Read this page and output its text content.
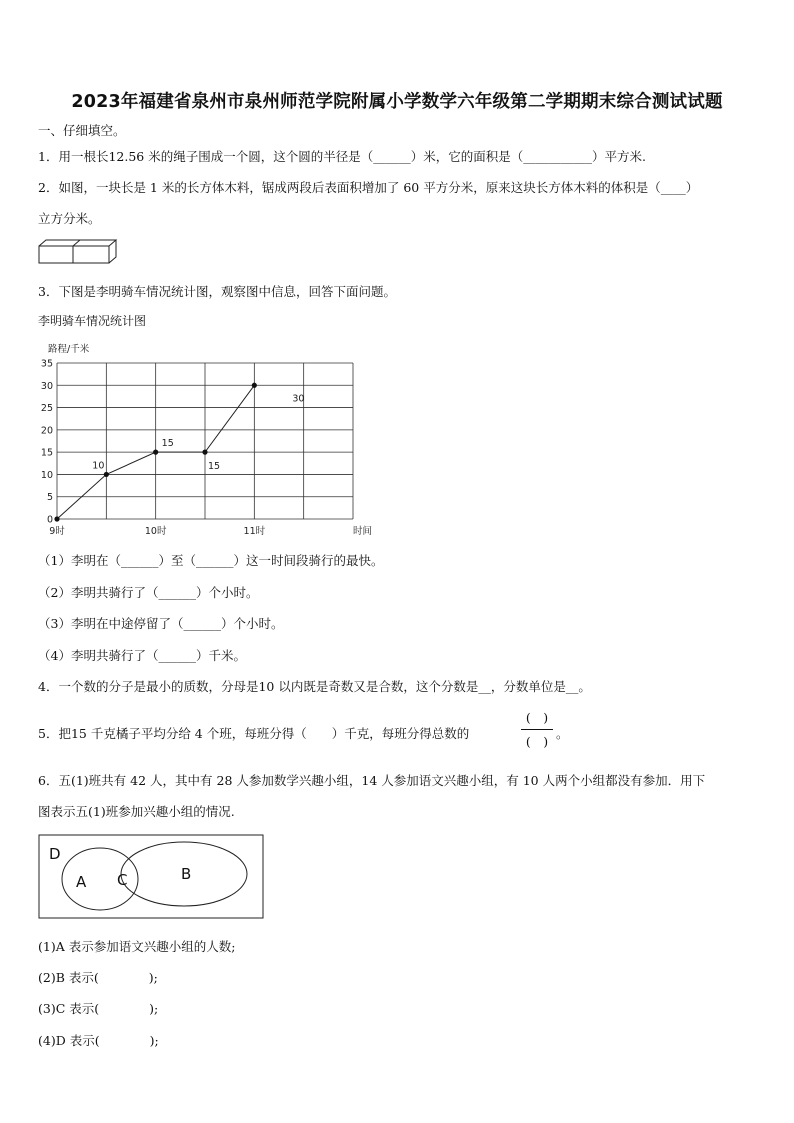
2023年福建省泉州市泉州师范学院附属小学数学六年级第二学期期末综合测试试题
一、仔细填空。
1．用一根长12.56 米的绳子围成一个圆，这个圆的半径是（______）米，它的面积是（___________）平方米.
2．如图，一块长是 1 米的长方体木料，锯成两段后表面积增加了 60 平方分米，原来这块长方体木料的体积是（____）
立方分米。
3．下图是李明骑车情况统计图，观察图中信息，回答下面问题。
李明骑车情况统计图
路程/千米
0
5
10
15
20
25
30
35
9时	10时	11时	时间
10
15
15
30
（1）李明在（______）至（______）这一时间段骑行的最快。
（2）李明共骑行了（______）个小时。
（3）李明在中途停留了（______）个小时。
（4）李明共骑行了（______）千米。
4．一个数的分子是最小的质数，分母是10 以内既是奇数又是合数，这个分数是__，分数单位是__。
5．把15 千克橘子平均分给 4 个班，每班分得（　　）千克，每班分得总数的
(　)
(　)
。
6．五(1)班共有 42 人，其中有 28 人参加数学兴趣小组，14 人参加语文兴趣小组，有 10 人两个小组都没有参加．用下
图表示五(1)班参加兴趣小组的情况.
D
A C	B
(1)A 表示参加语文兴趣小组的人数;
(2)B 表示(　　　　);
(3)C 表示(　　　　);
(4)D 表示(　　　　);
